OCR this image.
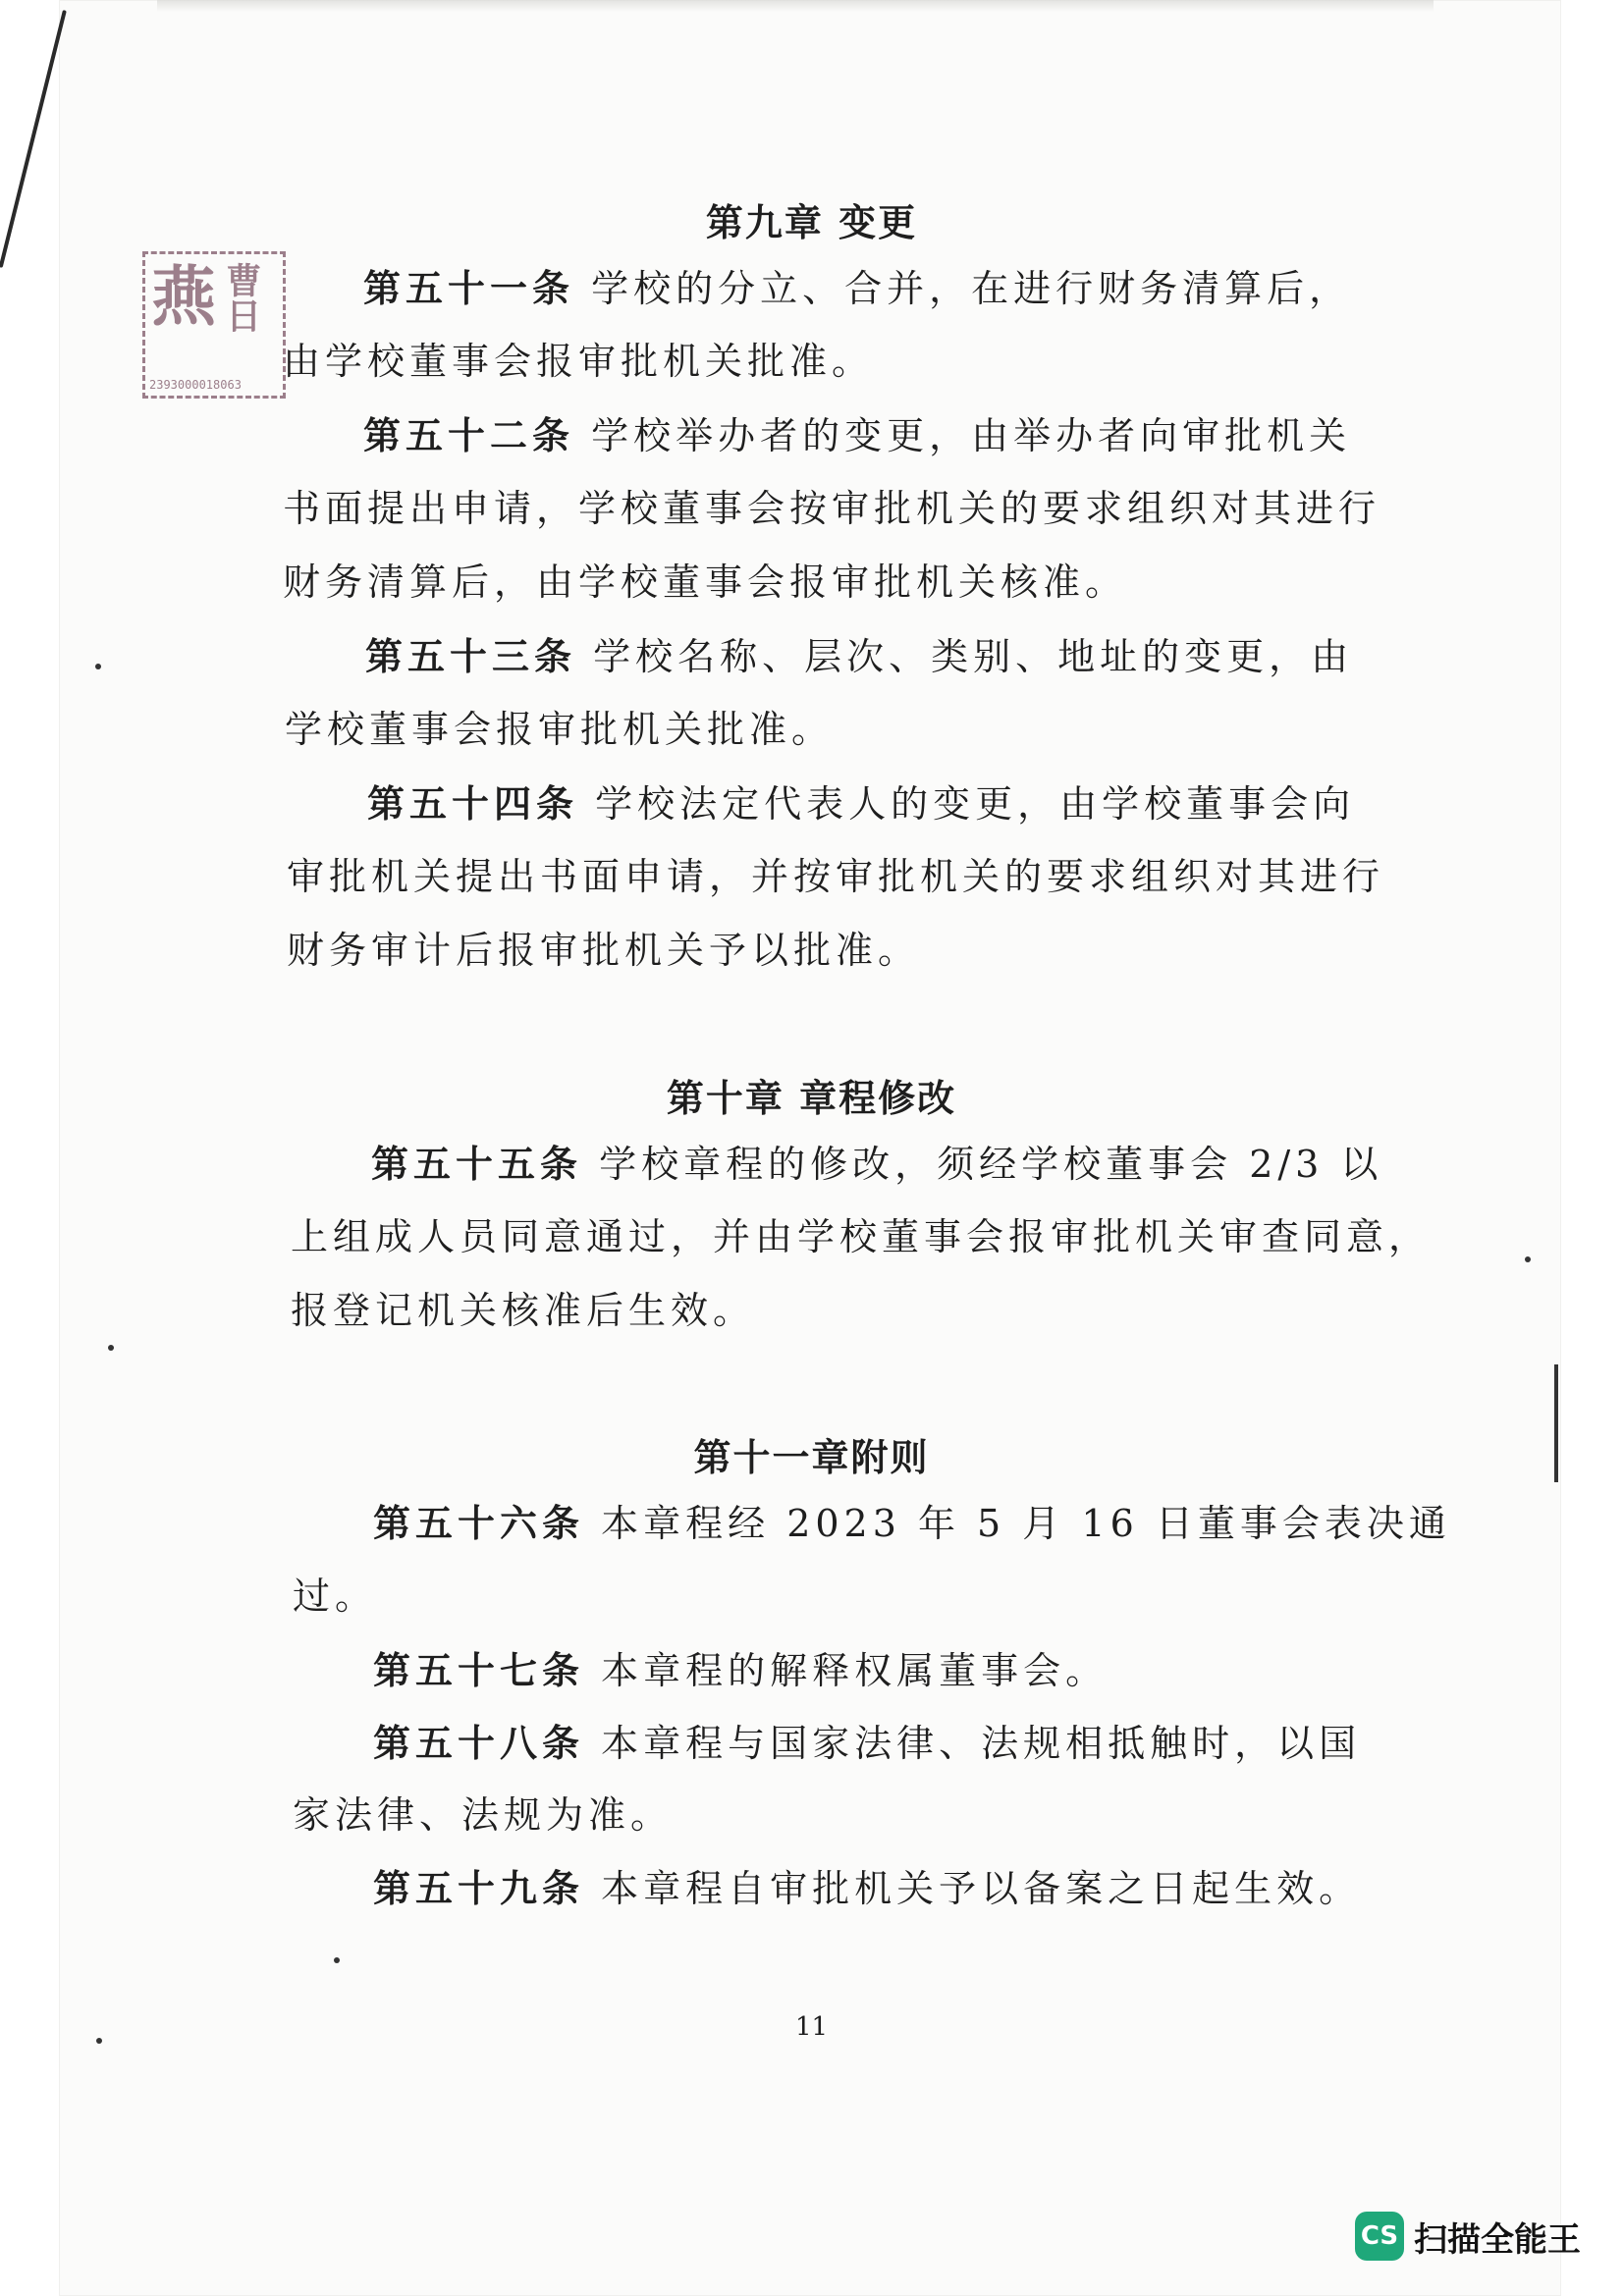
燕 曹日
2393000018063
第九章 变更

第五十一条 学校的分立、合并，在进行财务清算后，

由学校董事会报审批机关批准。

第五十二条 学校举办者的变更，由举办者向审批机关

书面提出申请，学校董事会按审批机关的要求组织对其进行

财务清算后，由学校董事会报审批机关核准。

第五十三条 学校名称、层次、类别、地址的变更，由

学校董事会报审批机关批准。

第五十四条 学校法定代表人的变更，由学校董事会向

审批机关提出书面申请，并按审批机关的要求组织对其进行

财务审计后报审批机关予以批准。

第十章 章程修改

第五十五条 学校章程的修改，须经学校董事会 2/3 以

上组成人员同意通过，并由学校董事会报审批机关审查同意，

报登记机关核准后生效。

第十一章附则

第五十六条 本章程经 2023 年 5 月 16 日董事会表决通

过。

第五十七条 本章程的解释权属董事会。

第五十八条 本章程与国家法律、法规相抵触时，以国

家法律、法规为准。

第五十九条 本章程自审批机关予以备案之日起生效。

11
CS 扫描全能王
